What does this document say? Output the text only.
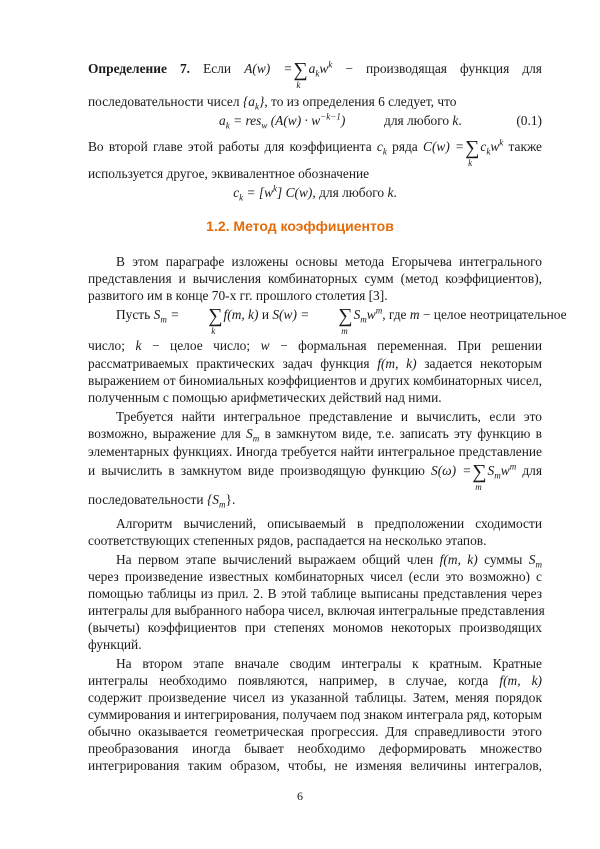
Определение 7. Если A(w) =∑
k
$a_kw^k$ − производящая функция для
последовательности чисел $\{a_k\}$, то из определения 6 следует, что
$a_k = res_w$ $(A(w) \cdot w^{-k-1})$	для любого k.	(0.1)
Во второй главе этой работы для коэффициента $c_k$ ряда C(w) =∑
k
$c_kw^k$ также
используется другое, эквивалентное обозначение
$c_k = [w^k]$ C(w), для любого k.
1.2. Метод коэффициентов
В этом параграфе изложены основы метода Егорычева интегрального
представления и вычисления комбинаторных сумм (метод коэффициентов),
развитого им в конце 70-х гг. прошлого столетия [3].
Пусть $S_m$ = ∑
k
f(m, k) и S(w) = ∑
m
$S_mw^m$, где m − целое неотрицательное
число; k − целое число; w − формальная переменная. При решении
рассматриваемых практических задач функция f(m, k) задается некоторым
выражением от биномиальных коэффициентов и других комбинаторных чисел,
полученным с помощью арифметических действий над ними.
Требуется найти интегральное представление и вычислить, если это
возможно, выражение для $S_m$ в замкнутом виде, т.е. записать эту функцию в
элементарных функциях. Иногда требуется найти интегральное представление
и вычислить в замкнутом виде производящую функцию S(ω) =∑
m
$S_mw^m$ для
последовательности $\{S_m\}$.
Алгоритм вычислений, описываемый в предположении сходимости
соответствующих степенных рядов, распадается на несколько этапов.
На первом этапе вычислений выражаем общий член f(m, k) суммы $S_m$
через произведение известных комбинаторных чисел (если это возможно) с
помощью таблицы из прил. 2. В этой таблице выписаны представления через
интегралы для выбранного набора чисел, включая интегральные представления
(вычеты) коэффициентов при степенях мономов некоторых производящих
функций.
На втором этапе вначале сводим интегралы к кратным. Кратные
интегралы необходимо появляются, например, в случае, когда f(m, k)
содержит произведение чисел из указанной таблицы. Затем, меняя порядок
суммирования и интегрирования, получаем под знаком интеграла ряд, которым
обычно оказывается геометрическая прогрессия. Для справедливости этого
преобразования иногда бывает необходимо деформировать множество
интегрирования таким образом, чтобы, не изменяя величины интегралов,
6
